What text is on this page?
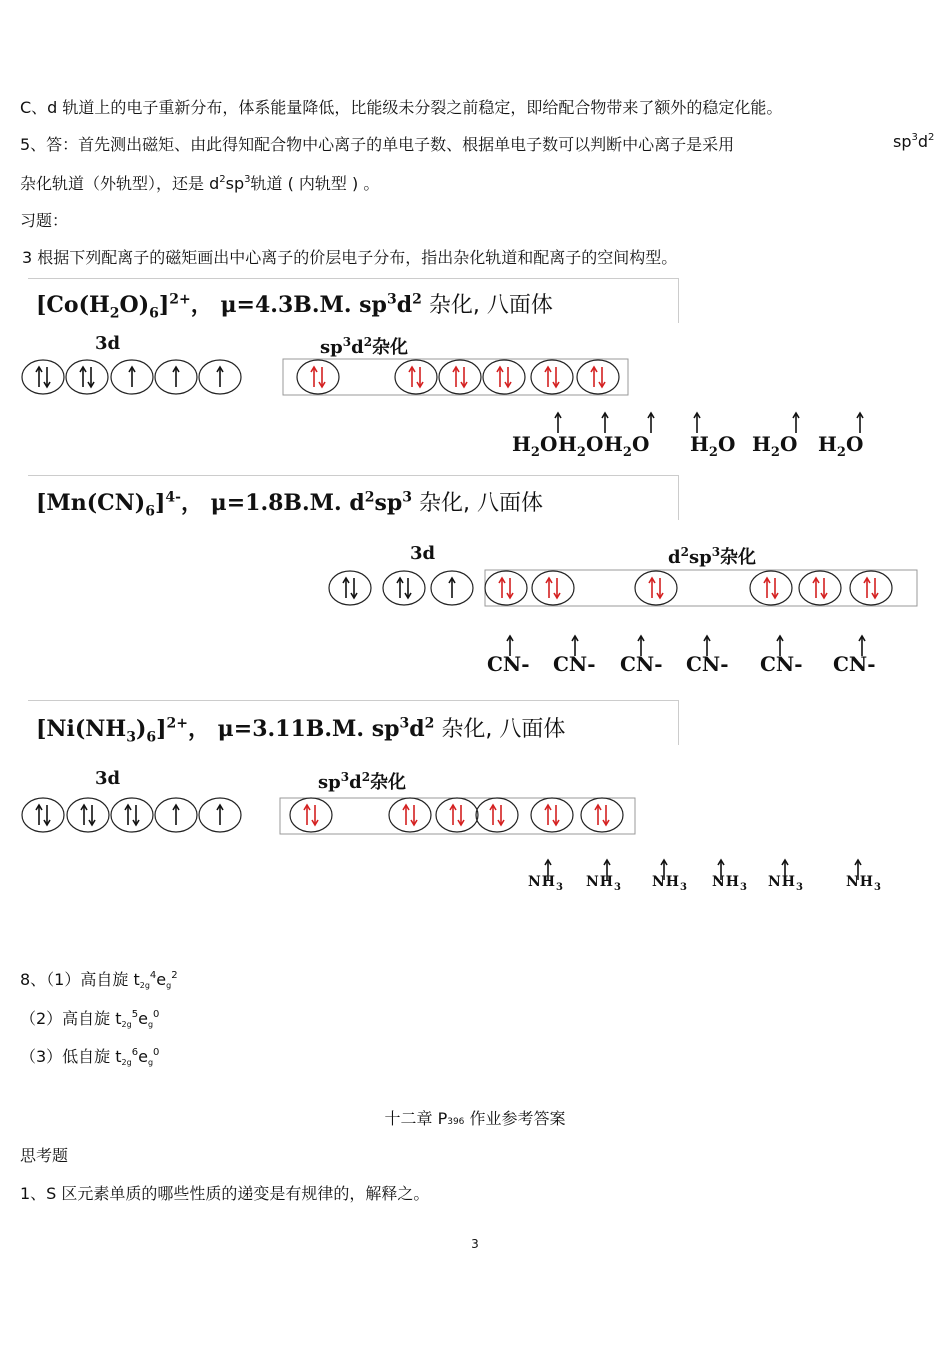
C、d 轨道上的电子重新分布，体系能量降低，比能级未分裂之前稳定，即给配合物带来了额外的稳定化能。
5、答：首先测出磁矩、由此得知配合物中心离子的单电子数、根据单电子数可以判断中心离子是采用	$sp^3d^2$
杂化轨道（外轨型），还是 $d^2sp^3$轨道 ( 内轨型 ) 。
习题：
3 根据下列配离子的磁矩画出中心离子的价层电子分布，指出杂化轨道和配离子的空间构型。
$[Co(H_2O)_6]^{2+}$， μ=4.3B.M. $sp^3d^2$ 杂化, 八面体
3d	$sp^3d^2$杂化
$[Mn(CN)_6]^{4-}$， μ=1.8B.M. $d^2sp^3$ 杂化, 八面体
3d	$d^2sp^3$杂化
$[Ni(NH_3)_6]^{2+}$， μ=3.11B.M. $sp^3d^2$ 杂化, 八面体
3d	$sp^3d^2$杂化
$H_2O$ $H_2O$ $H_2O$ $H_2O$ $H_2O$ $H_2O$
CN- CN- CN- CN- CN- CN-
$NH_3$ $NH_3$ $NH_3$ $NH_3$ $NH_3$	$NH_3$
8、（1）高自旋 $t2g^4eg^2$
（2）高自旋 $t2g^5eg^0$
（3）低自旋 $t2g^6eg^0$
十二章 P396 作业参考答案
思考题
1、S 区元素单质的哪些性质的递变是有规律的，解释之。
3
